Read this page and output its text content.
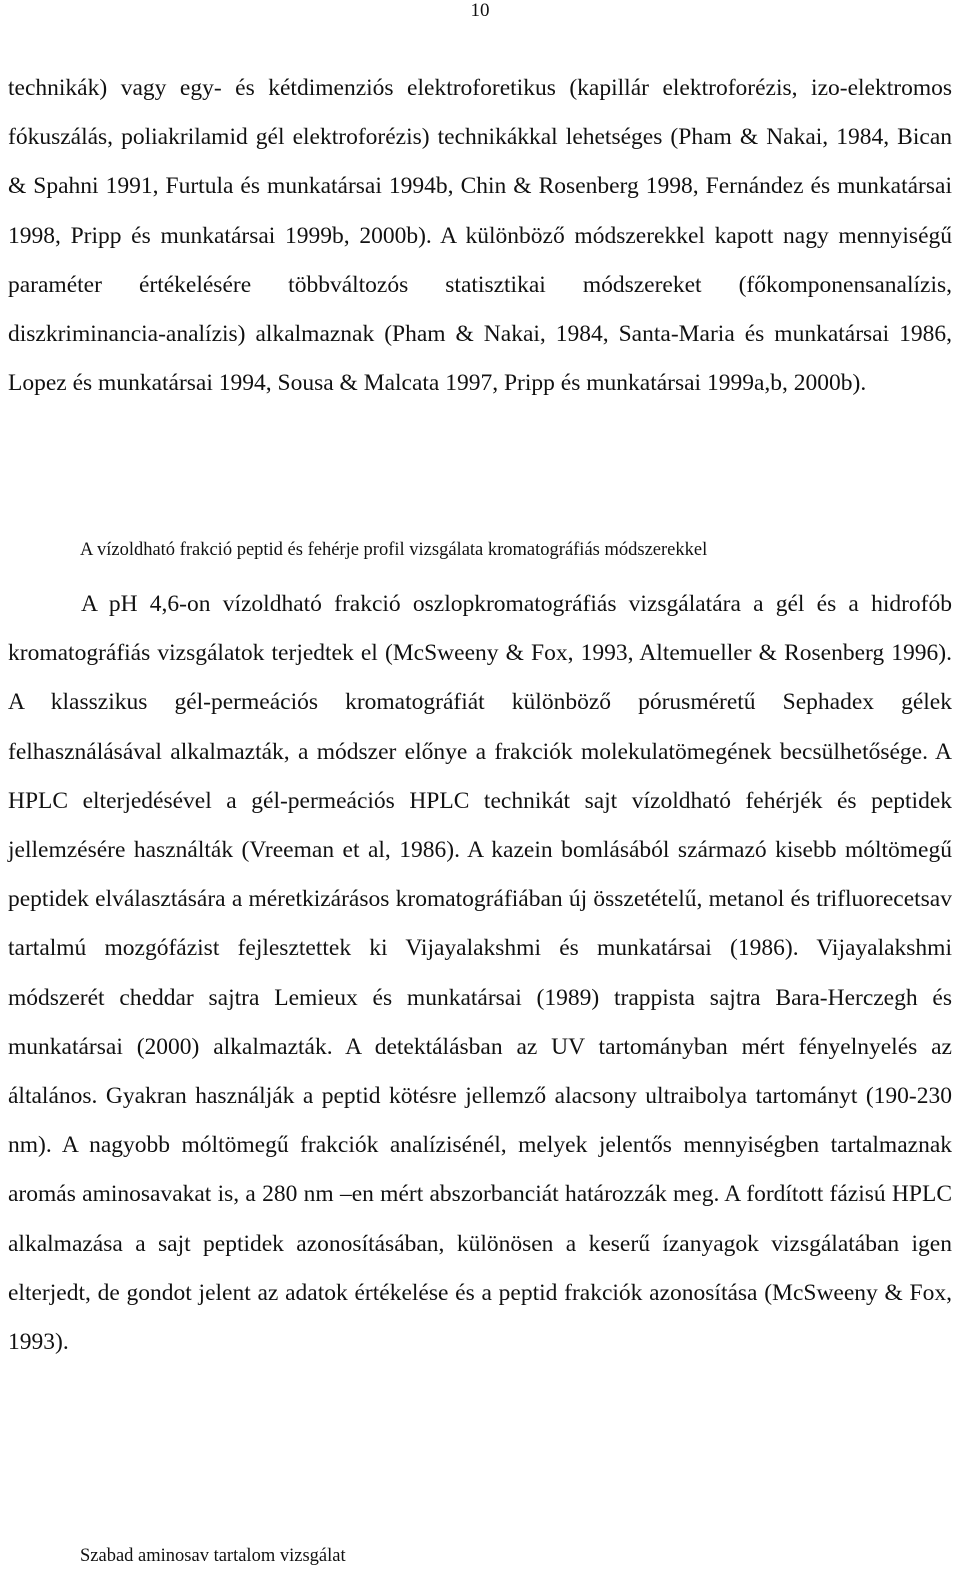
10

technikák) vagy egy- és kétdimenziós elektroforetikus (kapillár elektroforézis, izo-elektromos fókuszálás, poliakrilamid gél elektroforézis) technikákkal lehetséges (Pham & Nakai, 1984, Bican & Spahni 1991, Furtula és munkatársai 1994b, Chin & Rosenberg 1998, Fernández és munkatársai 1998, Pripp és munkatársai 1999b, 2000b). A különböző módszerekkel kapott nagy mennyiségű paraméter értékelésére többváltozós statisztikai módszereket (főkomponensanalízis, diszkriminancia-analízis) alkalmaznak (Pham & Nakai, 1984, Santa-Maria és munkatársai 1986, Lopez és munkatársai 1994, Sousa & Malcata 1997, Pripp és munkatársai 1999a,b, 2000b).

A vízoldható frakció peptid és fehérje profil vizsgálata kromatográfiás módszerekkel

A pH 4,6-on vízoldható frakció oszlopkromatográfiás vizsgálatára a gél és a hidrofób kromatográfiás vizsgálatok terjedtek el (McSweeny & Fox, 1993, Altemueller & Rosenberg 1996). A klasszikus gél-permeációs kromatográfiát különböző pórusméretű Sephadex gélek felhasználásával alkalmazták, a módszer előnye a frakciók molekulatömegének becsülhetősége. A HPLC elterjedésével a gél-permeációs HPLC technikát sajt vízoldható fehérjék és peptidek jellemzésére használták (Vreeman et al, 1986). A kazein bomlásából származó kisebb móltömegű peptidek elválasztására a méretkizárásos kromatográfiában új összetételű, metanol és trifluorecetsav tartalmú mozgófázist fejlesztettek ki Vijayalakshmi és munkatársai (1986). Vijayalakshmi módszerét cheddar sajtra Lemieux és munkatársai (1989) trappista sajtra Bara-Herczegh és munkatársai (2000) alkalmazták. A detektálásban az UV tartományban mért fényelnyelés az általános. Gyakran használják a peptid kötésre jellemző alacsony ultraibolya tartományt (190-230 nm). A nagyobb móltömegű frakciók analízisénél, melyek jelentős mennyiségben tartalmaznak aromás aminosavakat is, a 280 nm –en mért abszorbanciát határozzák meg. A fordított fázisú HPLC alkalmazása a sajt peptidek azonosításában, különösen a keserű ízanyagok vizsgálatában igen elterjedt, de gondot jelent az adatok értékelése és a peptid frakciók azonosítása (McSweeny & Fox, 1993).

Szabad aminosav tartalom vizsgálat
